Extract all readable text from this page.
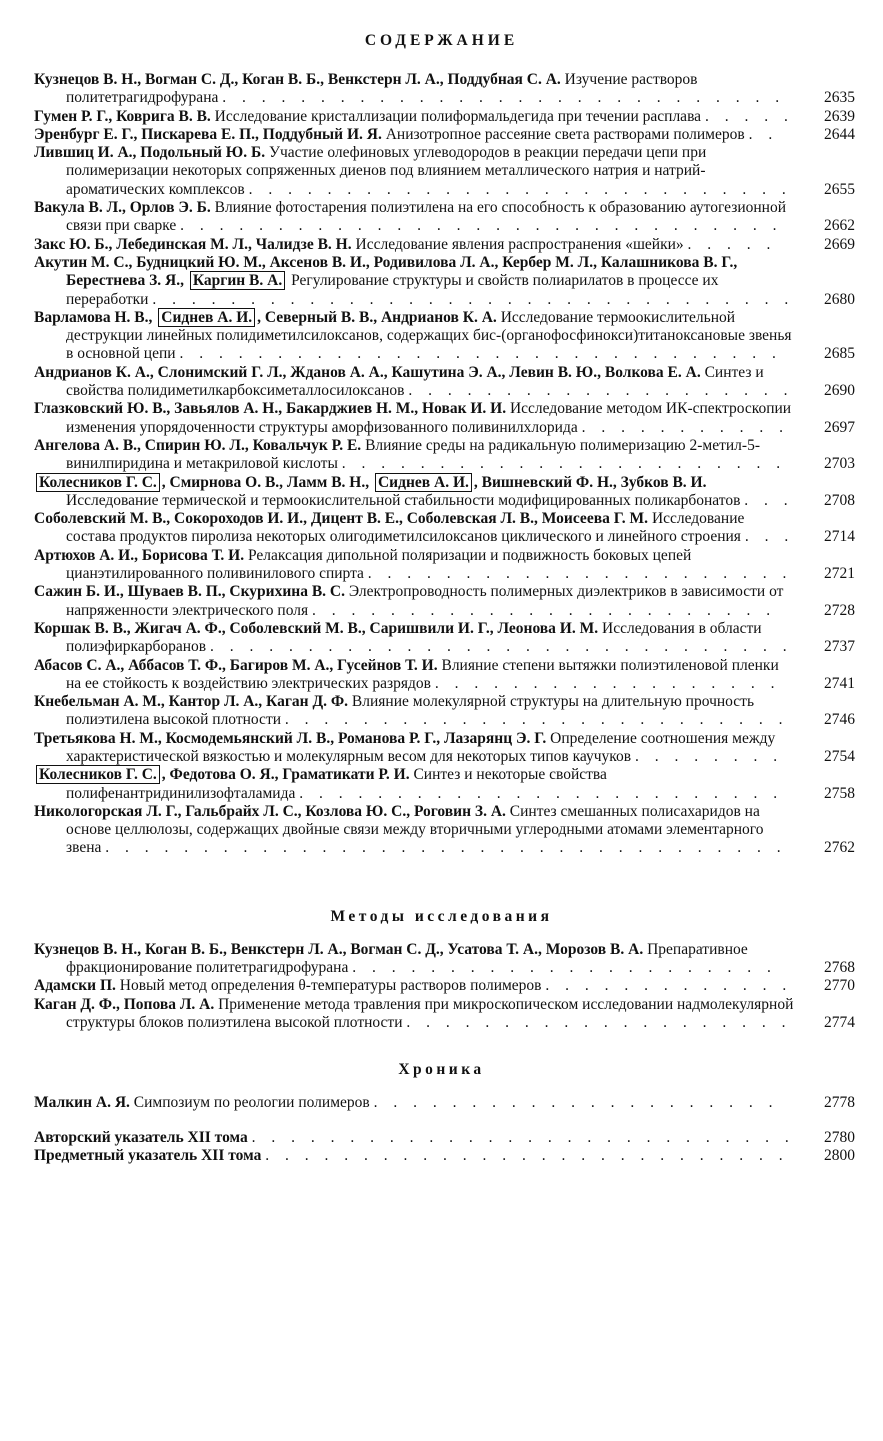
СОДЕРЖАНИЕ
Кузнецов В. Н., Вогман С. Д., Коган В. Б., Венкстерн Л. А., Поддубная С. А. Изучение растворов политетрагидрофурана . . . . . . . . . . . . . . . . . . . . . . . . . . . . .	2635
Гумен Р. Г., Коврига В. В. Исследование кристаллизации полиформальдегида при течении расплава . . . . .	2639
Эренбург Е. Г., Пискарева Е. П., Поддубный И. Я. Анизотропное рассеяние света растворами полимеров . .	2644
Лившиц И. А., Подольный Ю. Б. Участие олефиновых углеводородов в реакции передачи цепи при полимеризации некоторых сопряженных диенов под влиянием металлического натрия и натрий-ароматических комплексов . . . . . . . . . . . . . . . . . . . . . . . . . . . .	2655
Вакула В. Л., Орлов Э. Б. Влияние фотостарения полиэтилена на его способность к образованию аутогезионной связи при сварке . . . . . . . . . . . . . . . . . . . . . . . . . . . . . . .	2662
Закс Ю. Б., Лебединская М. Л., Чалидзе В. Н. Исследование явления распространения «шейки» . . . . .	2669
Акутин М. С., Будницкий Ю. М., Аксенов В. И., Родивилова Л. А., Кербер М. Л., Калашникова В. Г., Берестнева З. Я., Каргин В. А. Регулирование структуры и свойств полиарилатов в процессе их переработки . . . . . . . . . . . . . . . . . . . . . . . . . . . . . . . . .	2680
Варламова Н. В., Сиднев А. И. , Северный В. В., Андрианов К. А. Исследование термоокислительной деструкции линейных полидиметилсилоксанов, содержащих бис-(органофосфинокси)титаноксановые звенья в основной цепи . . . . . . . . . . . . . . . . . . . . . . . . . . . . . . .	2685
Андрианов К. А., Слонимский Г. Л., Жданов А. А., Кашутина Э. А., Левин В. Ю., Волкова Е. А. Синтез и свойства полидиметилкарбоксиметаллосилоксанов . . . . . . . . . . . . . . . . . . . .	2690
Глазковский Ю. В., Завьялов А. Н., Бакарджиев Н. М., Новак И. И. Исследование методом ИК-спектроскопии изменения упорядоченности структуры аморфизованного поливинилхлорида . . . . . . . . . . .	2697
Ангелова А. В., Спирин Ю. Л., Ковальчук Р. Е. Влияние среды на радикальную полимеризацию 2-метил-5-винилпиридина и метакриловой кислоты . . . . . . . . . . . . . . . . . . . . . . .	2703
Колесников Г. С. , Смирнова О. В., Ламм В. Н., Сиднев А. И. , Вишневский Ф. Н., Зубков В. И. Исследование термической и термоокислительной стабильности модифицированных поликарбонатов . . .	2708
Соболевский М. В., Сокороходов И. И., Дицент В. Е., Соболевская Л. В., Моисеева Г. М. Исследование состава продуктов пиролиза некоторых олигодиметилсилоксанов циклического и линейного строения . . .	2714
Артюхов А. И., Борисова Т. И. Релаксация дипольной поляризации и подвижность боковых цепей цианэтилированного поливинилового спирта . . . . . . . . . . . . . . . . . . . . . .	2721
Сажин Б. И., Шуваев В. П., Скурихина В. С. Электропроводность полимерных диэлектриков в зависимости от напряженности электрического поля . . . . . . . . . . . . . . . . . . . . . . . .	2728
Коршак В. В., Жигач А. Ф., Соболевский М. В., Саришвили И. Г., Леонова И. М. Исследования в области полиэфиркарборанов . . . . . . . . . . . . . . . . . . . . . . . . . . . . . .	2737
Абасов С. А., Аббасов Т. Ф., Багиров М. А., Гусейнов Т. И. Влияние степени вытяжки полиэтиленовой пленки на ее стойкость к воздействию электрических разрядов . . . . . . . . . . . . . . . . . .	2741
Кнебельман А. М., Кантор Л. А., Каган Д. Ф. Влияние молекулярной структуры на длительную прочность полиэтилена высокой плотности . . . . . . . . . . . . . . . . . . . . . . . . . .	2746
Третьякова Н. М., Космодемьянский Л. В., Романова Р. Г., Лазарянц Э. Г. Определение соотношения между характеристической вязкостью и молекулярным весом для некоторых типов каучуков . . . . . . . .	2754
Колесников Г. С. , Федотова О. Я., Граматикати Р. И. Синтез и некоторые свойства полифенантридинилизофталамида . . . . . . . . . . . . . . . . . . . . . . . . .	2758
Никологорская Л. Г., Гальбрайх Л. С., Козлова Ю. С., Роговин З. А. Синтез смешанных полисахаридов на основе целлюлозы, содержащих двойные связи между вторичными углеродными атомами элементарного звена . . . . . . . . . . . . . . . . . . . . . . . . . . . . . . . . . . .	2762
Методы исследования
Кузнецов В. Н., Коган В. Б., Венкстерн Л. А., Вогман С. Д., Усатова Т. А., Морозов В. А. Препаративное фракционирование политетрагидрофурана . . . . . . . . . . . . . . . . . . . . . .	2768
Адамски П. Новый метод определения θ-температуры растворов полимеров . . . . . . . . . . . . .	2770
Каган Д. Ф., Попова Л. А. Применение метода травления при микроскопическом исследовании надмолекулярной структуры блоков полиэтилена высокой плотности . . . . . . . . . . . . . . . . . . . .	2774
Хроника
Малкин А. Я. Симпозиум по реологии полимеров . . . . . . . . . . . . . . . . . . . . .	2778
Авторский указатель XII тома . . . . . . . . . . . . . . . . . . . . . . . . . . . .	2780
Предметный указатель XII тома . . . . . . . . . . . . . . . . . . . . . . . . . . .	2800
